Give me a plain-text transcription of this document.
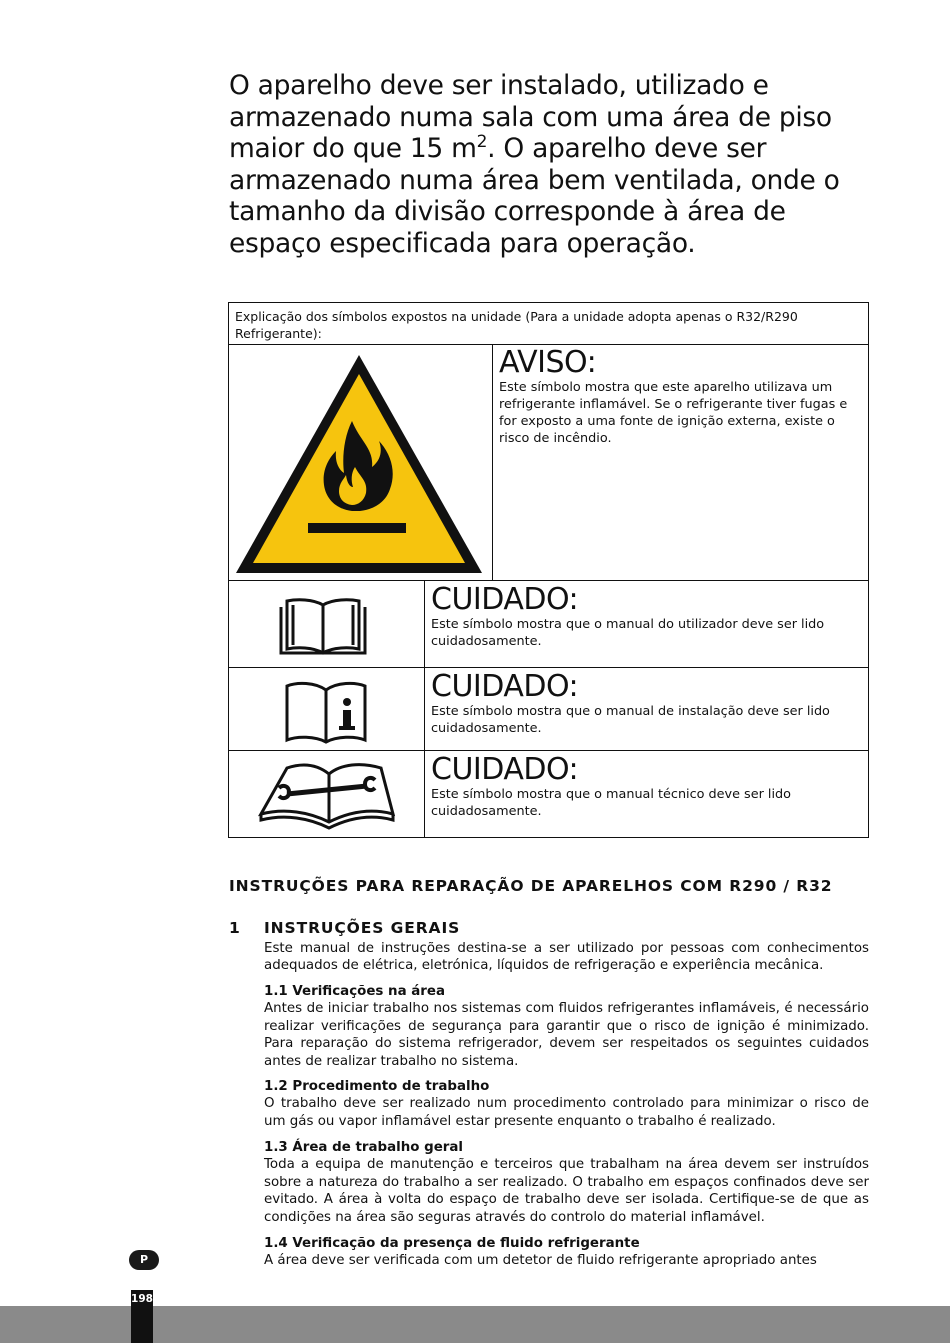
O aparelho deve ser instalado, utilizado e armazenado numa sala com uma área de piso maior do que 15 $m^2$. O aparelho deve ser armazenado numa área bem ventilada, onde o tamanho da divisão corresponde à área de espaço especificada para operação.
Explicação dos símbolos expostos na unidade (Para a unidade adopta apenas o R32/R290 Refrigerante):

AVISO:

Este símbolo mostra que este aparelho utilizava um refrigerante inflamável. Se o refrigerante tiver fugas e for exposto a uma fonte de ignição externa, existe o risco de incêndio.

CUIDADO:

Este símbolo mostra que o manual do utilizador deve ser lido cuidadosamente.

CUIDADO:

Este símbolo mostra que o manual de instalação deve ser lido cuidadosamente.

CUIDADO:

Este símbolo mostra que o manual técnico deve ser lido cuidadosamente.

INSTRUÇÕES PARA REPARAÇÃO DE APARELHOS COM R290 / R32
1 INSTRUÇÕES GERAIS

Este manual de instruções destina-se a ser utilizado por pessoas com conhecimentos adequados de elétrica, eletrónica, líquidos de refrigeração e experiência mecânica.

1.1 Verificações na área

Antes de iniciar trabalho nos sistemas com fluidos refrigerantes inflamáveis, é necessário realizar verificações de segurança para garantir que o risco de ignição é minimizado. Para reparação do sistema refrigerador, devem ser respeitados os seguintes cuidados antes de realizar trabalho no sistema.

1.2 Procedimento de trabalho

O trabalho deve ser realizado num procedimento controlado para minimizar o risco de um gás ou vapor inflamável estar presente enquanto o trabalho é realizado.

1.3 Área de trabalho geral

Toda a equipa de manutenção e terceiros que trabalham na área devem ser instruídos sobre a natureza do trabalho a ser realizado. O trabalho em espaços confinados deve ser evitado. A área à volta do espaço de trabalho deve ser isolada. Certifique-se de que as condições na área são seguras através do controlo do material inflamável.

1.4 Verificação da presença de fluido refrigerante

A área deve ser verificada com um detetor de fluido refrigerante apropriado antes

P
198
